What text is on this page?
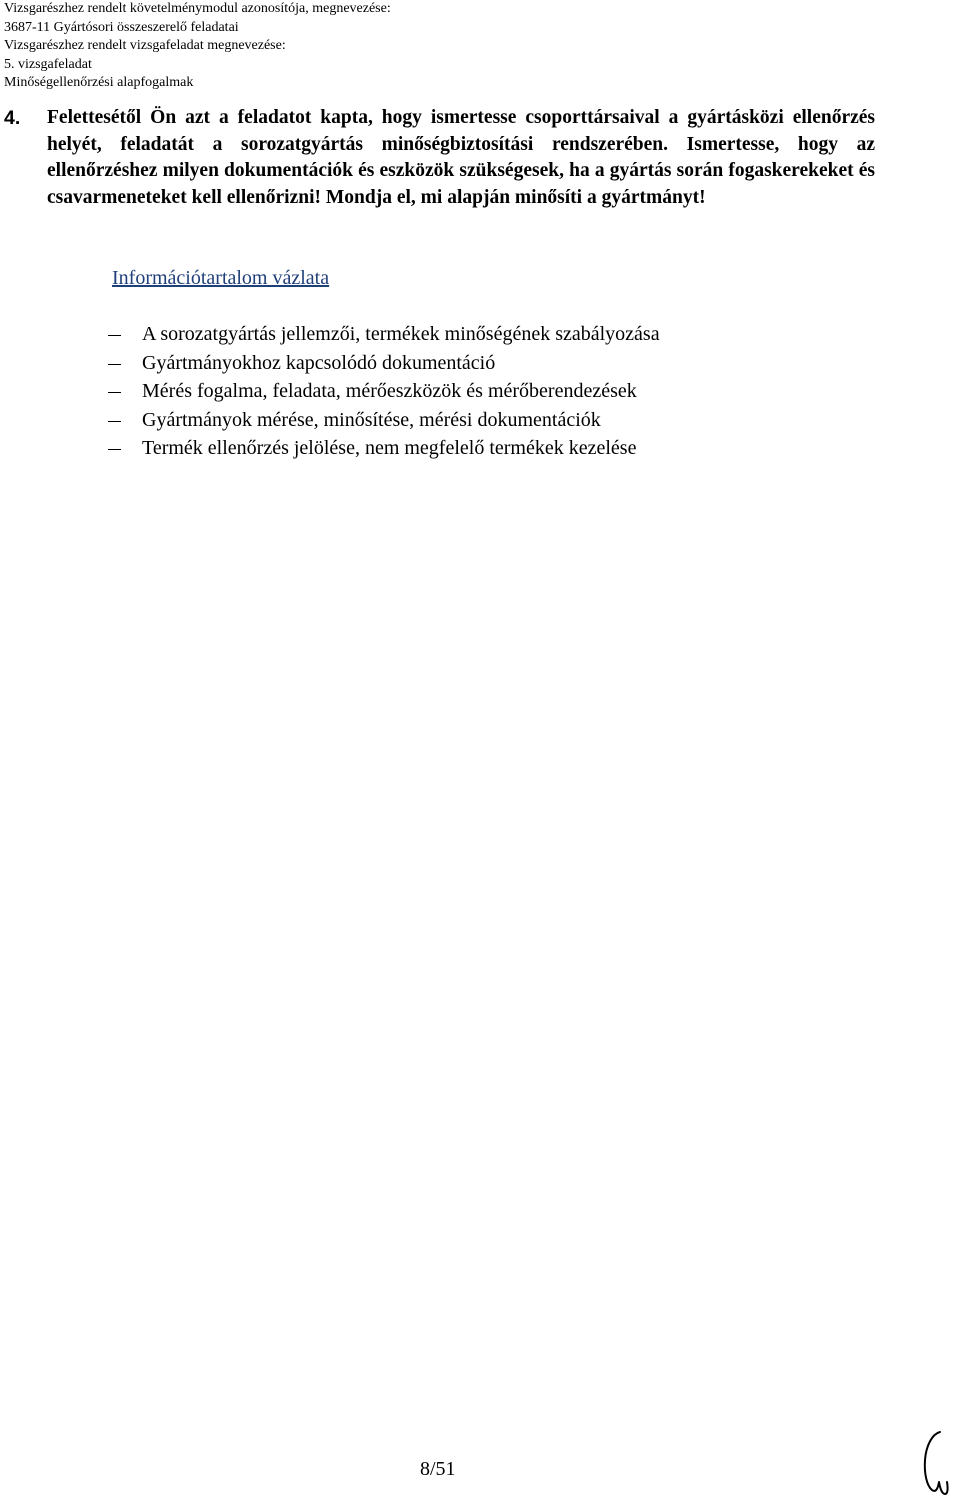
Vizsgarészhez rendelt követelménymodul azonosítója, megnevezése:
3687-11 Gyártósori összeszerelő feladatai
Vizsgarészhez rendelt vizsgafeladat megnevezése:
5. vizsgafeladat
Minőségellenőrzési alapfogalmak
4. Felettesétől Ön azt a feladatot kapta, hogy ismertesse csoporttársaival a gyártásközi ellenőrzés helyét, feladatát a sorozatgyártás minőségbiztosítási rendszerében. Ismertesse, hogy az ellenőrzéshez milyen dokumentációk és eszközök szükségesek, ha a gyártás során fogaskerekeket és csavarmeneteket kell ellenőrizni! Mondja el, mi alapján minősíti a gyártmányt!
Információtartalom vázlata
A sorozatgyártás jellemzői, termékek minőségének szabályozása
Gyártmányokhoz kapcsolódó dokumentáció
Mérés fogalma, feladata, mérőeszközök és mérőberendezések
Gyártmányok mérése, minősítése, mérési dokumentációk
Termék ellenőrzés jelölése, nem megfelelő termékek kezelése
8/51
